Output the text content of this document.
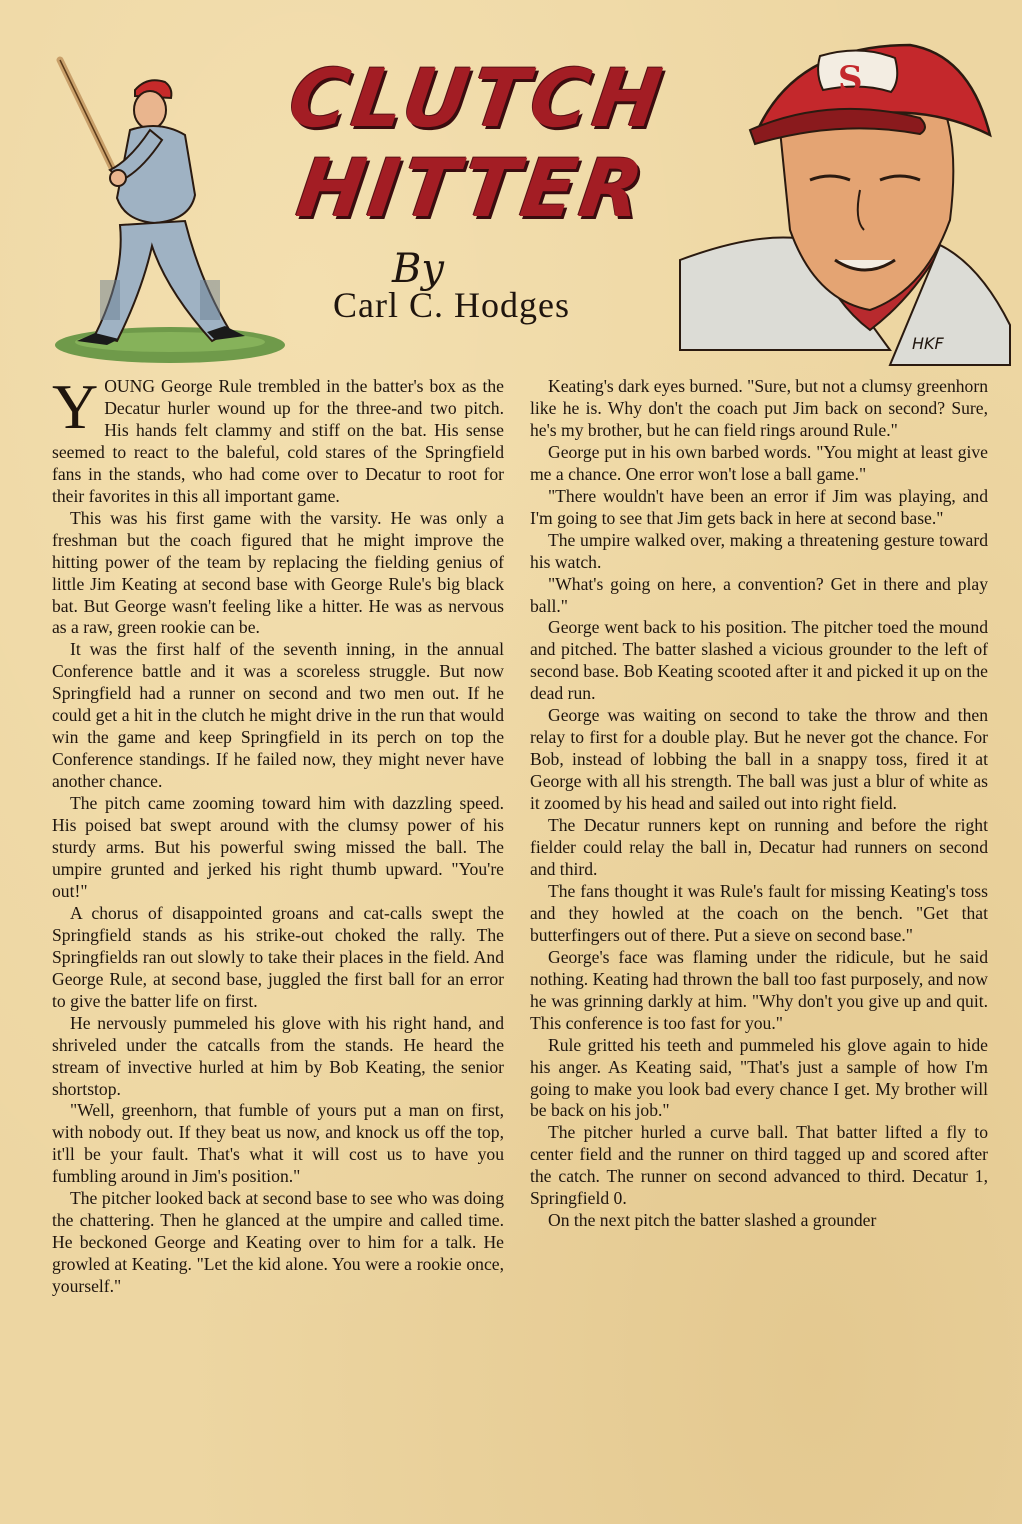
CLUTCH
HITTER
By
Carl C. Hodges
S
HKF

YOUNG George Rule trembled in the batter's box as the Decatur hurler wound up for the three-and two pitch. His hands felt clammy and stiff on the bat. His sense seemed to react to the baleful, cold stares of the Springfield fans in the stands, who had come over to Decatur to root for their favorites in this all important game.

This was his first game with the varsity. He was only a freshman but the coach figured that he might improve the hitting power of the team by replacing the fielding genius of little Jim Keating at second base with George Rule's big black bat. But George wasn't feeling like a hitter. He was as nervous as a raw, green rookie can be.

It was the first half of the seventh inning, in the annual Conference battle and it was a scoreless struggle. But now Springfield had a runner on second and two men out. If he could get a hit in the clutch he might drive in the run that would win the game and keep Springfield in its perch on top the Conference standings. If he failed now, they might never have another chance.

The pitch came zooming toward him with dazzling speed. His poised bat swept around with the clumsy power of his sturdy arms. But his powerful swing missed the ball. The umpire grunted and jerked his right thumb upward. "You're out!"

A chorus of disappointed groans and cat-calls swept the Springfield stands as his strike-out choked the rally. The Springfields ran out slowly to take their places in the field. And George Rule, at second base, juggled the first ball for an error to give the batter life on first.

He nervously pummeled his glove with his right hand, and shriveled under the catcalls from the stands. He heard the stream of invective hurled at him by Bob Keating, the senior shortstop.

"Well, greenhorn, that fumble of yours put a man on first, with nobody out. If they beat us now, and knock us off the top, it'll be your fault. That's what it will cost us to have you fumbling around in Jim's position."

The pitcher looked back at second base to see who was doing the chattering. Then he glanced at the umpire and called time. He beckoned George and Keating over to him for a talk. He growled at Keating. "Let the kid alone. You were a rookie once, yourself."

Keating's dark eyes burned. "Sure, but not a clumsy greenhorn like he is. Why don't the coach put Jim back on second? Sure, he's my brother, but he can field rings around Rule."

George put in his own barbed words. "You might at least give me a chance. One error won't lose a ball game."

"There wouldn't have been an error if Jim was playing, and I'm going to see that Jim gets back in here at second base."

The umpire walked over, making a threatening gesture toward his watch.

"What's going on here, a convention? Get in there and play ball."

George went back to his position. The pitcher toed the mound and pitched. The batter slashed a vicious grounder to the left of second base. Bob Keating scooted after it and picked it up on the dead run.

George was waiting on second to take the throw and then relay to first for a double play. But he never got the chance. For Bob, instead of lobbing the ball in a snappy toss, fired it at George with all his strength. The ball was just a blur of white as it zoomed by his head and sailed out into right field.

The Decatur runners kept on running and before the right fielder could relay the ball in, Decatur had runners on second and third.

The fans thought it was Rule's fault for missing Keating's toss and they howled at the coach on the bench. "Get that butterfingers out of there. Put a sieve on second base."

George's face was flaming under the ridicule, but he said nothing. Keating had thrown the ball too fast purposely, and now he was grinning darkly at him. "Why don't you give up and quit. This conference is too fast for you."

Rule gritted his teeth and pummeled his glove again to hide his anger. As Keating said, "That's just a sample of how I'm going to make you look bad every chance I get. My brother will be back on his job."

The pitcher hurled a curve ball. That batter lifted a fly to center field and the runner on third tagged up and scored after the catch. The runner on second advanced to third. Decatur 1, Springfield 0.

On the next pitch the batter slashed a grounder
